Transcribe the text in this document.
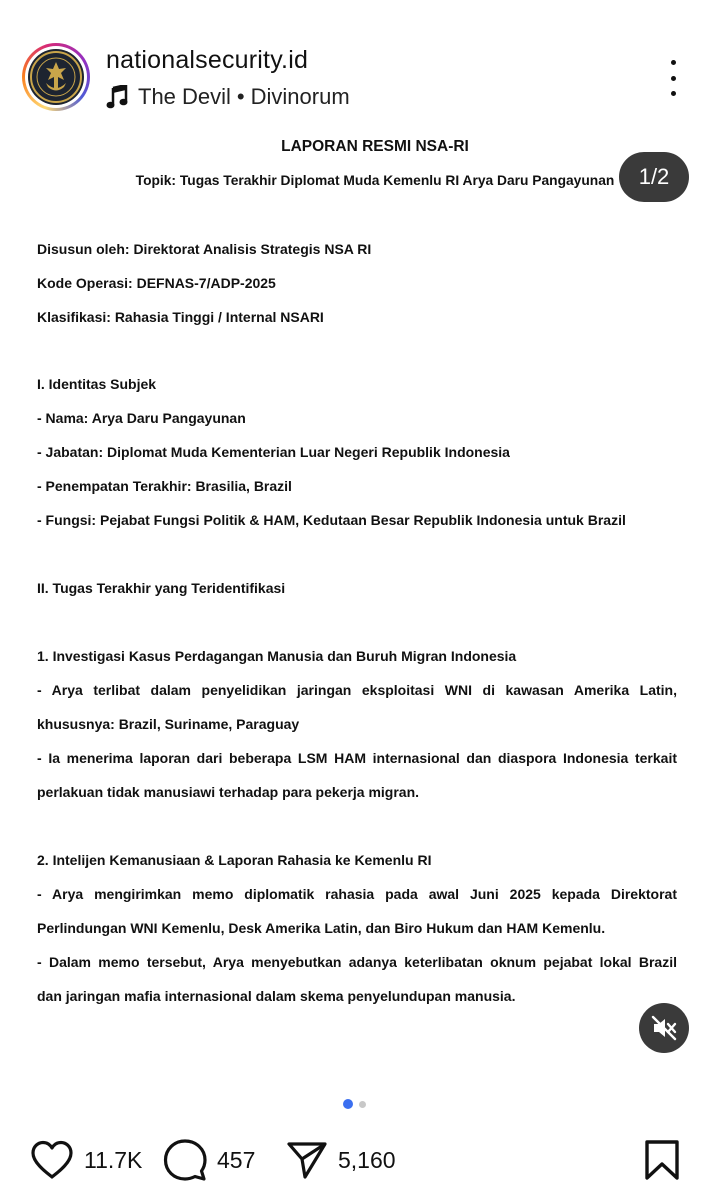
nationalsecurity.id
The Devil • Divinorum
LAPORAN RESMI NSA-RI
Topik: Tugas Terakhir Diplomat Muda Kemenlu RI Arya Daru Pangayunan	1/2
Disusun oleh: Direktorat Analisis Strategis NSA RI
Kode Operasi: DEFNAS-7/ADP-2025
Klasifikasi: Rahasia Tinggi / Internal NSARI
I. Identitas Subjek
- Nama: Arya Daru Pangayunan
- Jabatan: Diplomat Muda Kementerian Luar Negeri Republik Indonesia
- Penempatan Terakhir: Brasilia, Brazil
- Fungsi: Pejabat Fungsi Politik & HAM, Kedutaan Besar Republik Indonesia untuk Brazil
II. Tugas Terakhir yang Teridentifikasi
1. Investigasi Kasus Perdagangan Manusia dan Buruh Migran Indonesia
- Arya terlibat dalam penyelidikan jaringan eksploitasi WNI di kawasan Amerika Latin,
khususnya: Brazil, Suriname, Paraguay
- Ia menerima laporan dari beberapa LSM HAM internasional dan diaspora Indonesia terkait
perlakuan tidak manusiawi terhadap para pekerja migran.
2. Intelijen Kemanusiaan & Laporan Rahasia ke Kemenlu RI
- Arya mengirimkan memo diplomatik rahasia pada awal Juni 2025 kepada Direktorat
Perlindungan WNI Kemenlu, Desk Amerika Latin, dan Biro Hukum dan HAM Kemenlu.
- Dalam memo tersebut, Arya menyebutkan adanya keterlibatan oknum pejabat lokal Brazil
dan jaringan mafia internasional dalam skema penyelundupan manusia.
11.7K	457	5,160
